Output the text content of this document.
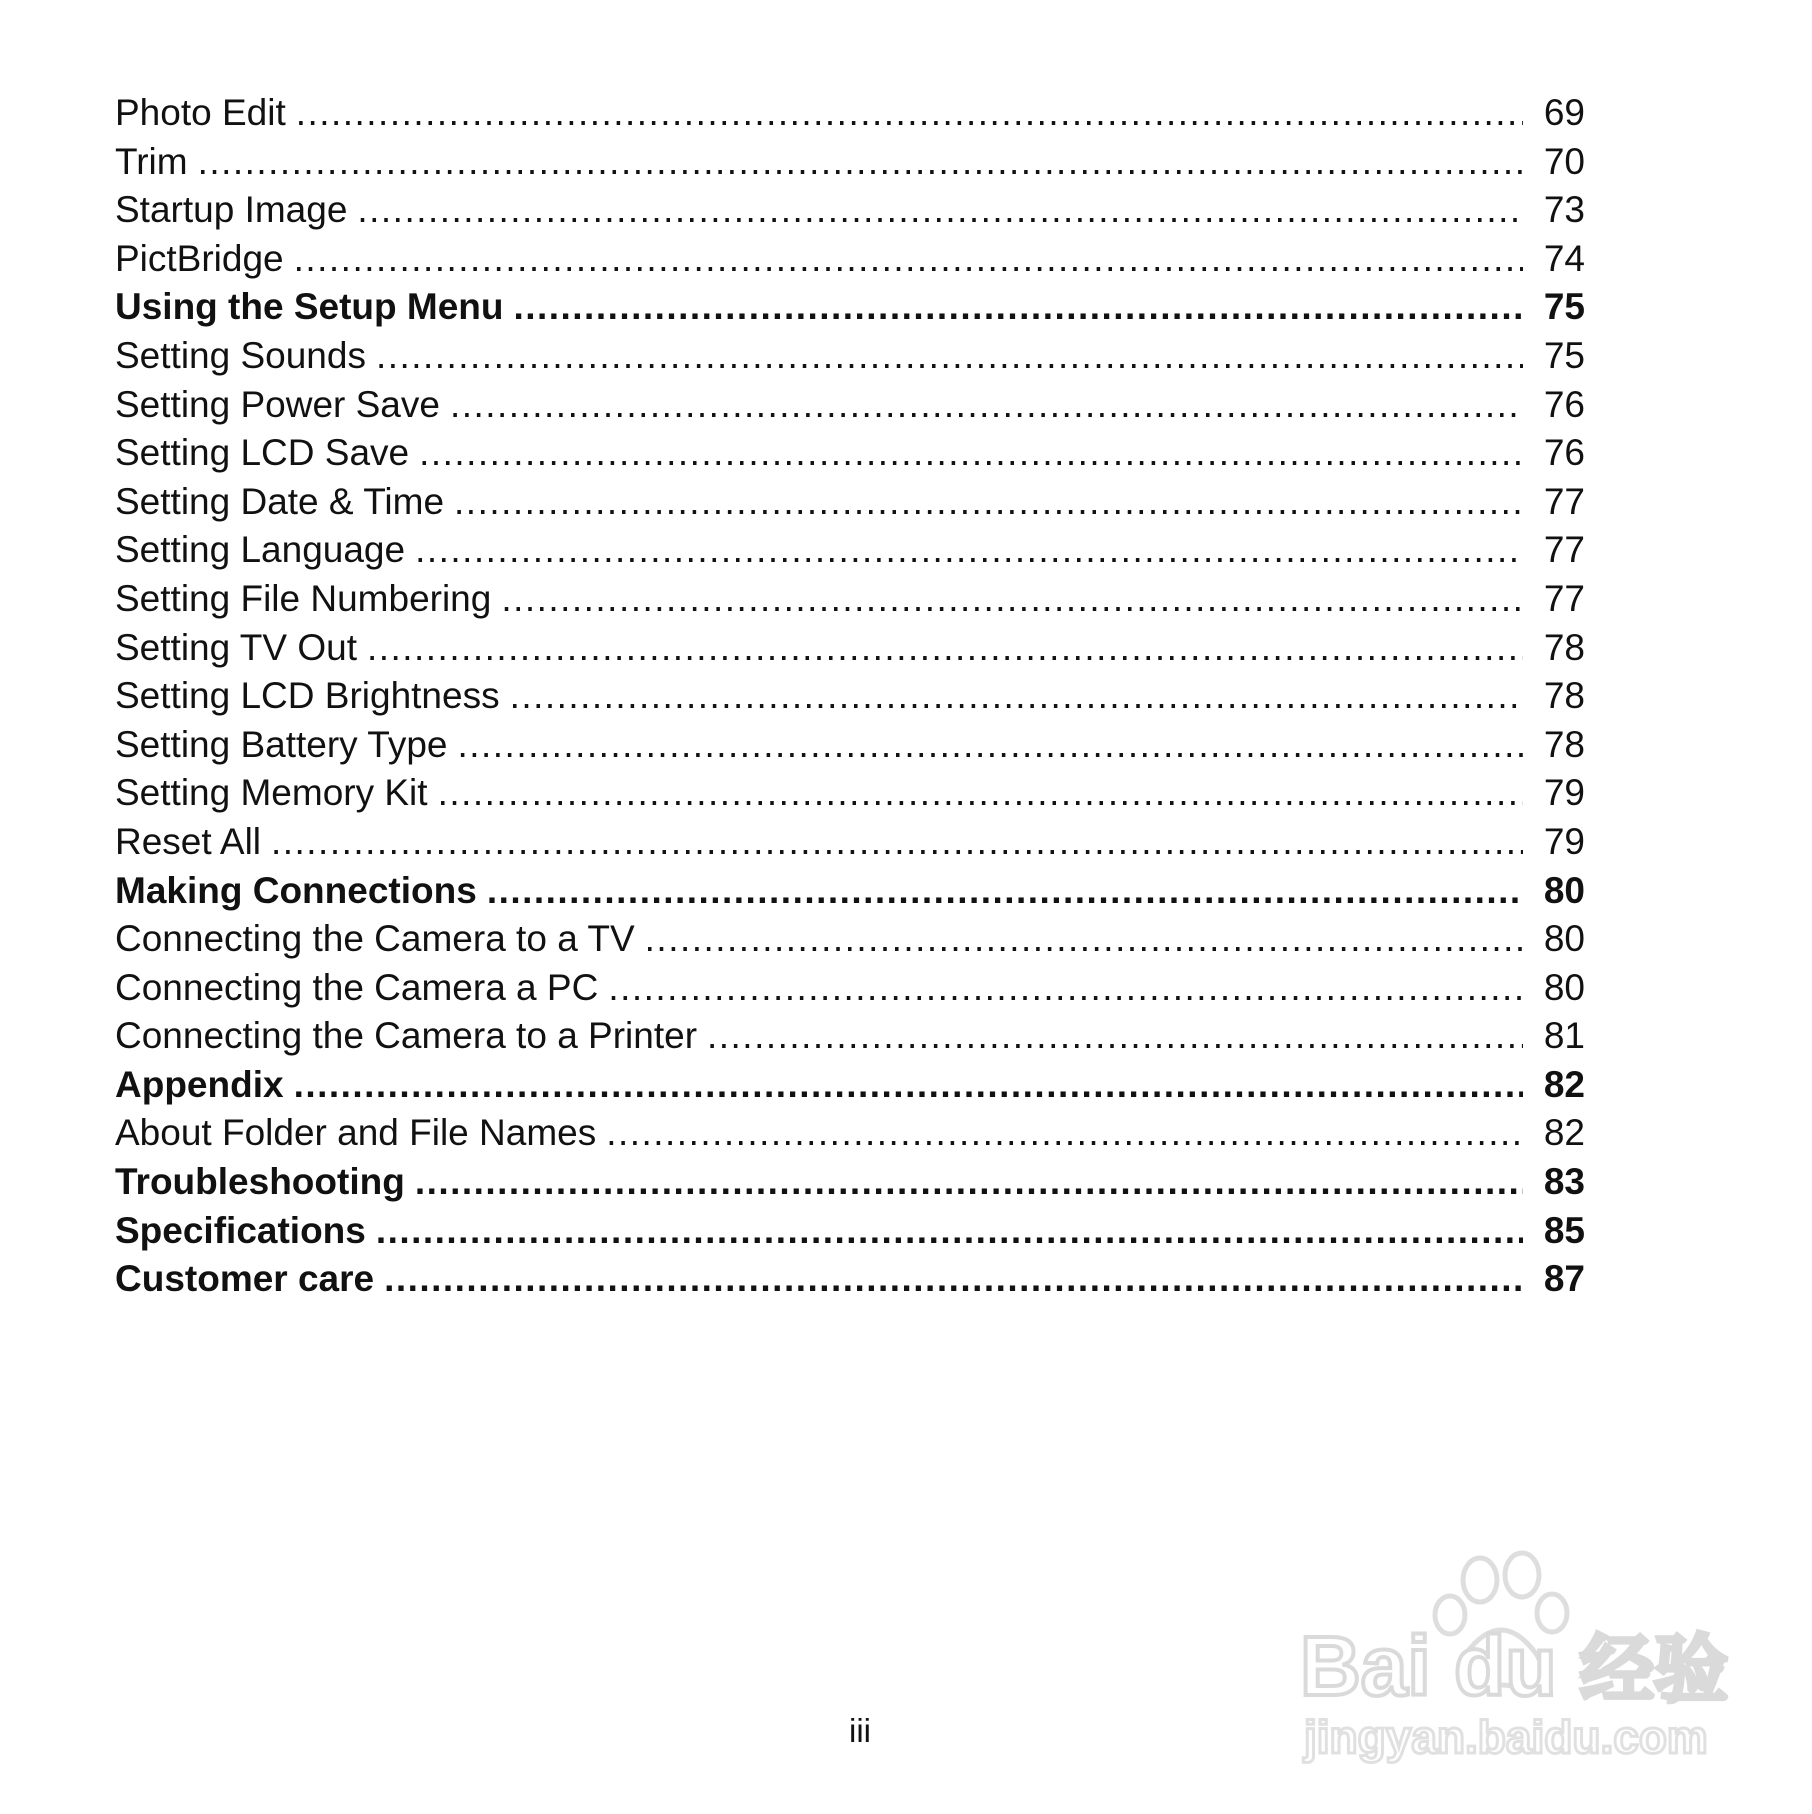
Photo Edit .....	69
Trim .....	70
Startup Image .....	73
PictBridge .....	74
Using the Setup Menu .....	75
Setting Sounds .....	75
Setting Power Save .....	76
Setting LCD Save .....	76
Setting Date & Time .....	77
Setting Language .....	77
Setting File Numbering .....	77
Setting TV Out .....	78
Setting LCD Brightness .....	78
Setting Battery Type .....	78
Setting Memory Kit .....	79
Reset All .....	79
Making Connections .....	80
Connecting the Camera to a TV .....	80
Connecting the Camera a PC .....	80
Connecting the Camera to a Printer .....	81
Appendix .....	82
About Folder and File Names .....	82
Troubleshooting .....	83
Specifications .....	85
Customer care .....	87
iii
Bai du 经验
jingyan.baidu.com
